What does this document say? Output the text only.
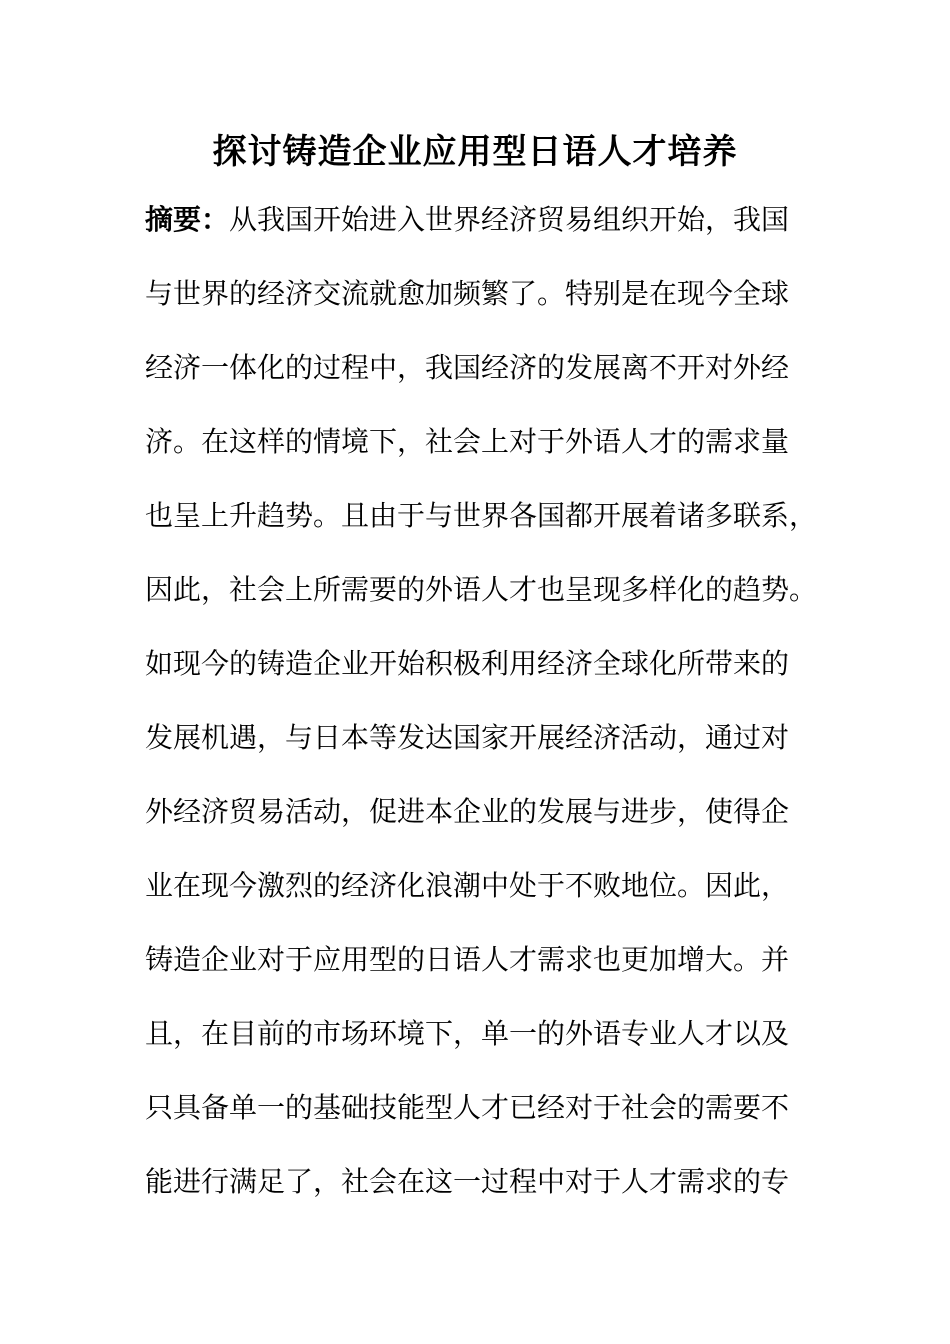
探讨铸造企业应用型日语人才培养
摘要：从我国开始进入世界经济贸易组织开始，我国
与世界的经济交流就愈加频繁了。特别是在现今全球
经济一体化的过程中，我国经济的发展离不开对外经
济。在这样的情境下，社会上对于外语人才的需求量
也呈上升趋势。且由于与世界各国都开展着诸多联系，
因此，社会上所需要的外语人才也呈现多样化的趋势。
如现今的铸造企业开始积极利用经济全球化所带来的
发展机遇，与日本等发达国家开展经济活动，通过对
外经济贸易活动，促进本企业的发展与进步，使得企
业在现今激烈的经济化浪潮中处于不败地位。因此，
铸造企业对于应用型的日语人才需求也更加增大。并
且，在目前的市场环境下，单一的外语专业人才以及
只具备单一的基础技能型人才已经对于社会的需要不
能进行满足了，社会在这一过程中对于人才需求的专
